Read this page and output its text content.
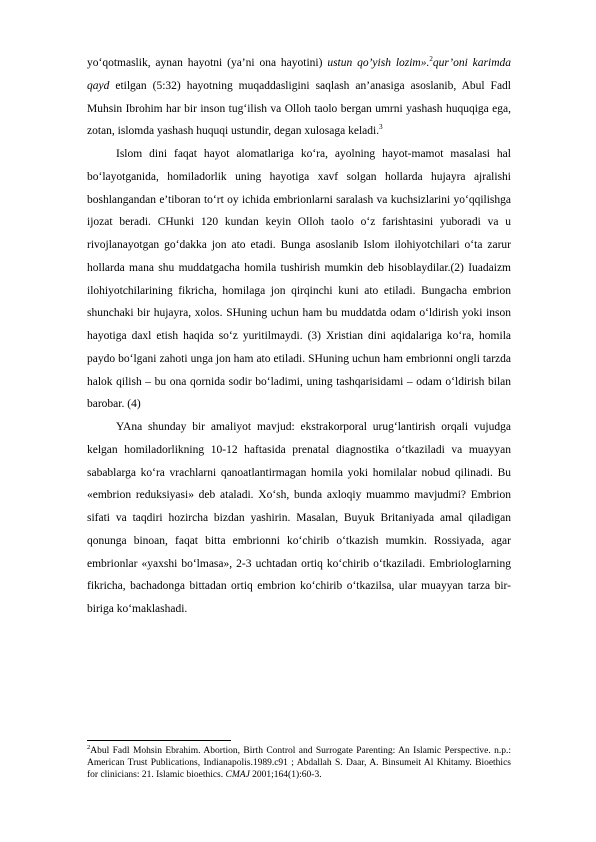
yo‘qotmaslik, aynan hayotni (ya’ni ona hayotini) ustun qo’yish lozim».$^2$qur’oni karimda qayd etilgan (5:32) hayotning muqaddasligini saqlash an’anasiga asoslanib, Abul Fadl Muhsin Ibrohim har bir inson tug‘ilish va Olloh taolo bergan umrni yashash huquqiga ega, zotan, islomda yashash huquqi ustundir, degan xulosaga keladi.$^3$

Islom dini faqat hayot alomatlariga ko‘ra, ayolning hayot-mamot masalasi hal bo‘layotganida, homiladorlik uning hayotiga xavf solgan hollarda hujayra ajralishi boshlangandan e’tiboran to‘rt oy ichida embrionlarni saralash va kuchsizlarini yo‘qqilishga ijozat beradi. CHunki 120 kundan keyin Olloh taolo o‘z farishtasini yuboradi va u rivojlanayotgan go‘dakka jon ato etadi. Bunga asoslanib Islom ilohiyotchilari o‘ta zarur hollarda mana shu muddatgacha homila tushirish mumkin deb hisoblaydilar.(2) Iuadaizm ilohiyotchilarining fikricha, homilaga jon qirqinchi kuni ato etiladi. Bungacha embrion shunchaki bir hujayra, xolos. SHuning uchun ham bu muddatda odam o‘ldirish yoki inson hayotiga daxl etish haqida so‘z yuritilmaydi. (3) Xristian dini aqidalariga ko‘ra, homila paydo bo‘lgani zahoti unga jon ham ato etiladi. SHuning uchun ham embrionni ongli tarzda halok qilish – bu ona qornida sodir bo‘ladimi, uning tashqarisidami – odam o‘ldirish bilan barobar. (4)

YAna shunday bir amaliyot mavjud: ekstrakorporal urug‘lantirish orqali vujudga kelgan homiladorlikning 10-12 haftasida prenatal diagnostika o‘tkaziladi va muayyan sabablarga ko‘ra vrachlarni qanoatlantirmagan homila yoki homilalar nobud qilinadi. Bu «embrion reduksiyasi» deb ataladi. Xo‘sh, bunda axloqiy muammo mavjudmi? Embrion sifati va taqdiri hozircha bizdan yashirin. Masalan, Buyuk Britaniyada amal qiladigan qonunga binoan, faqat bitta embrionni ko‘chirib o‘tkazish mumkin. Rossiyada, agar embrionlar «yaxshi bo‘lmasa», 2-3 uchtadan ortiq ko‘chirib o‘tkaziladi. Embriologlarning fikricha, bachadonga bittadan ortiq embrion ko‘chirib o‘tkazilsa, ular muayyan tarza bir-biriga ko‘maklashadi.

$^2$Abul Fadl Mohsin Ebrahim. Abortion, Birth Control and Surrogate Parenting: An Islamic Perspective. n.p.: American Trust Publications, Indianapolis.1989.c91 ; Abdallah S. Daar, A. Binsumeit Al Khitamy. Bioethics for clinicians: 21. Islamic bioethics. CMAJ 2001;164(1):60-3.
